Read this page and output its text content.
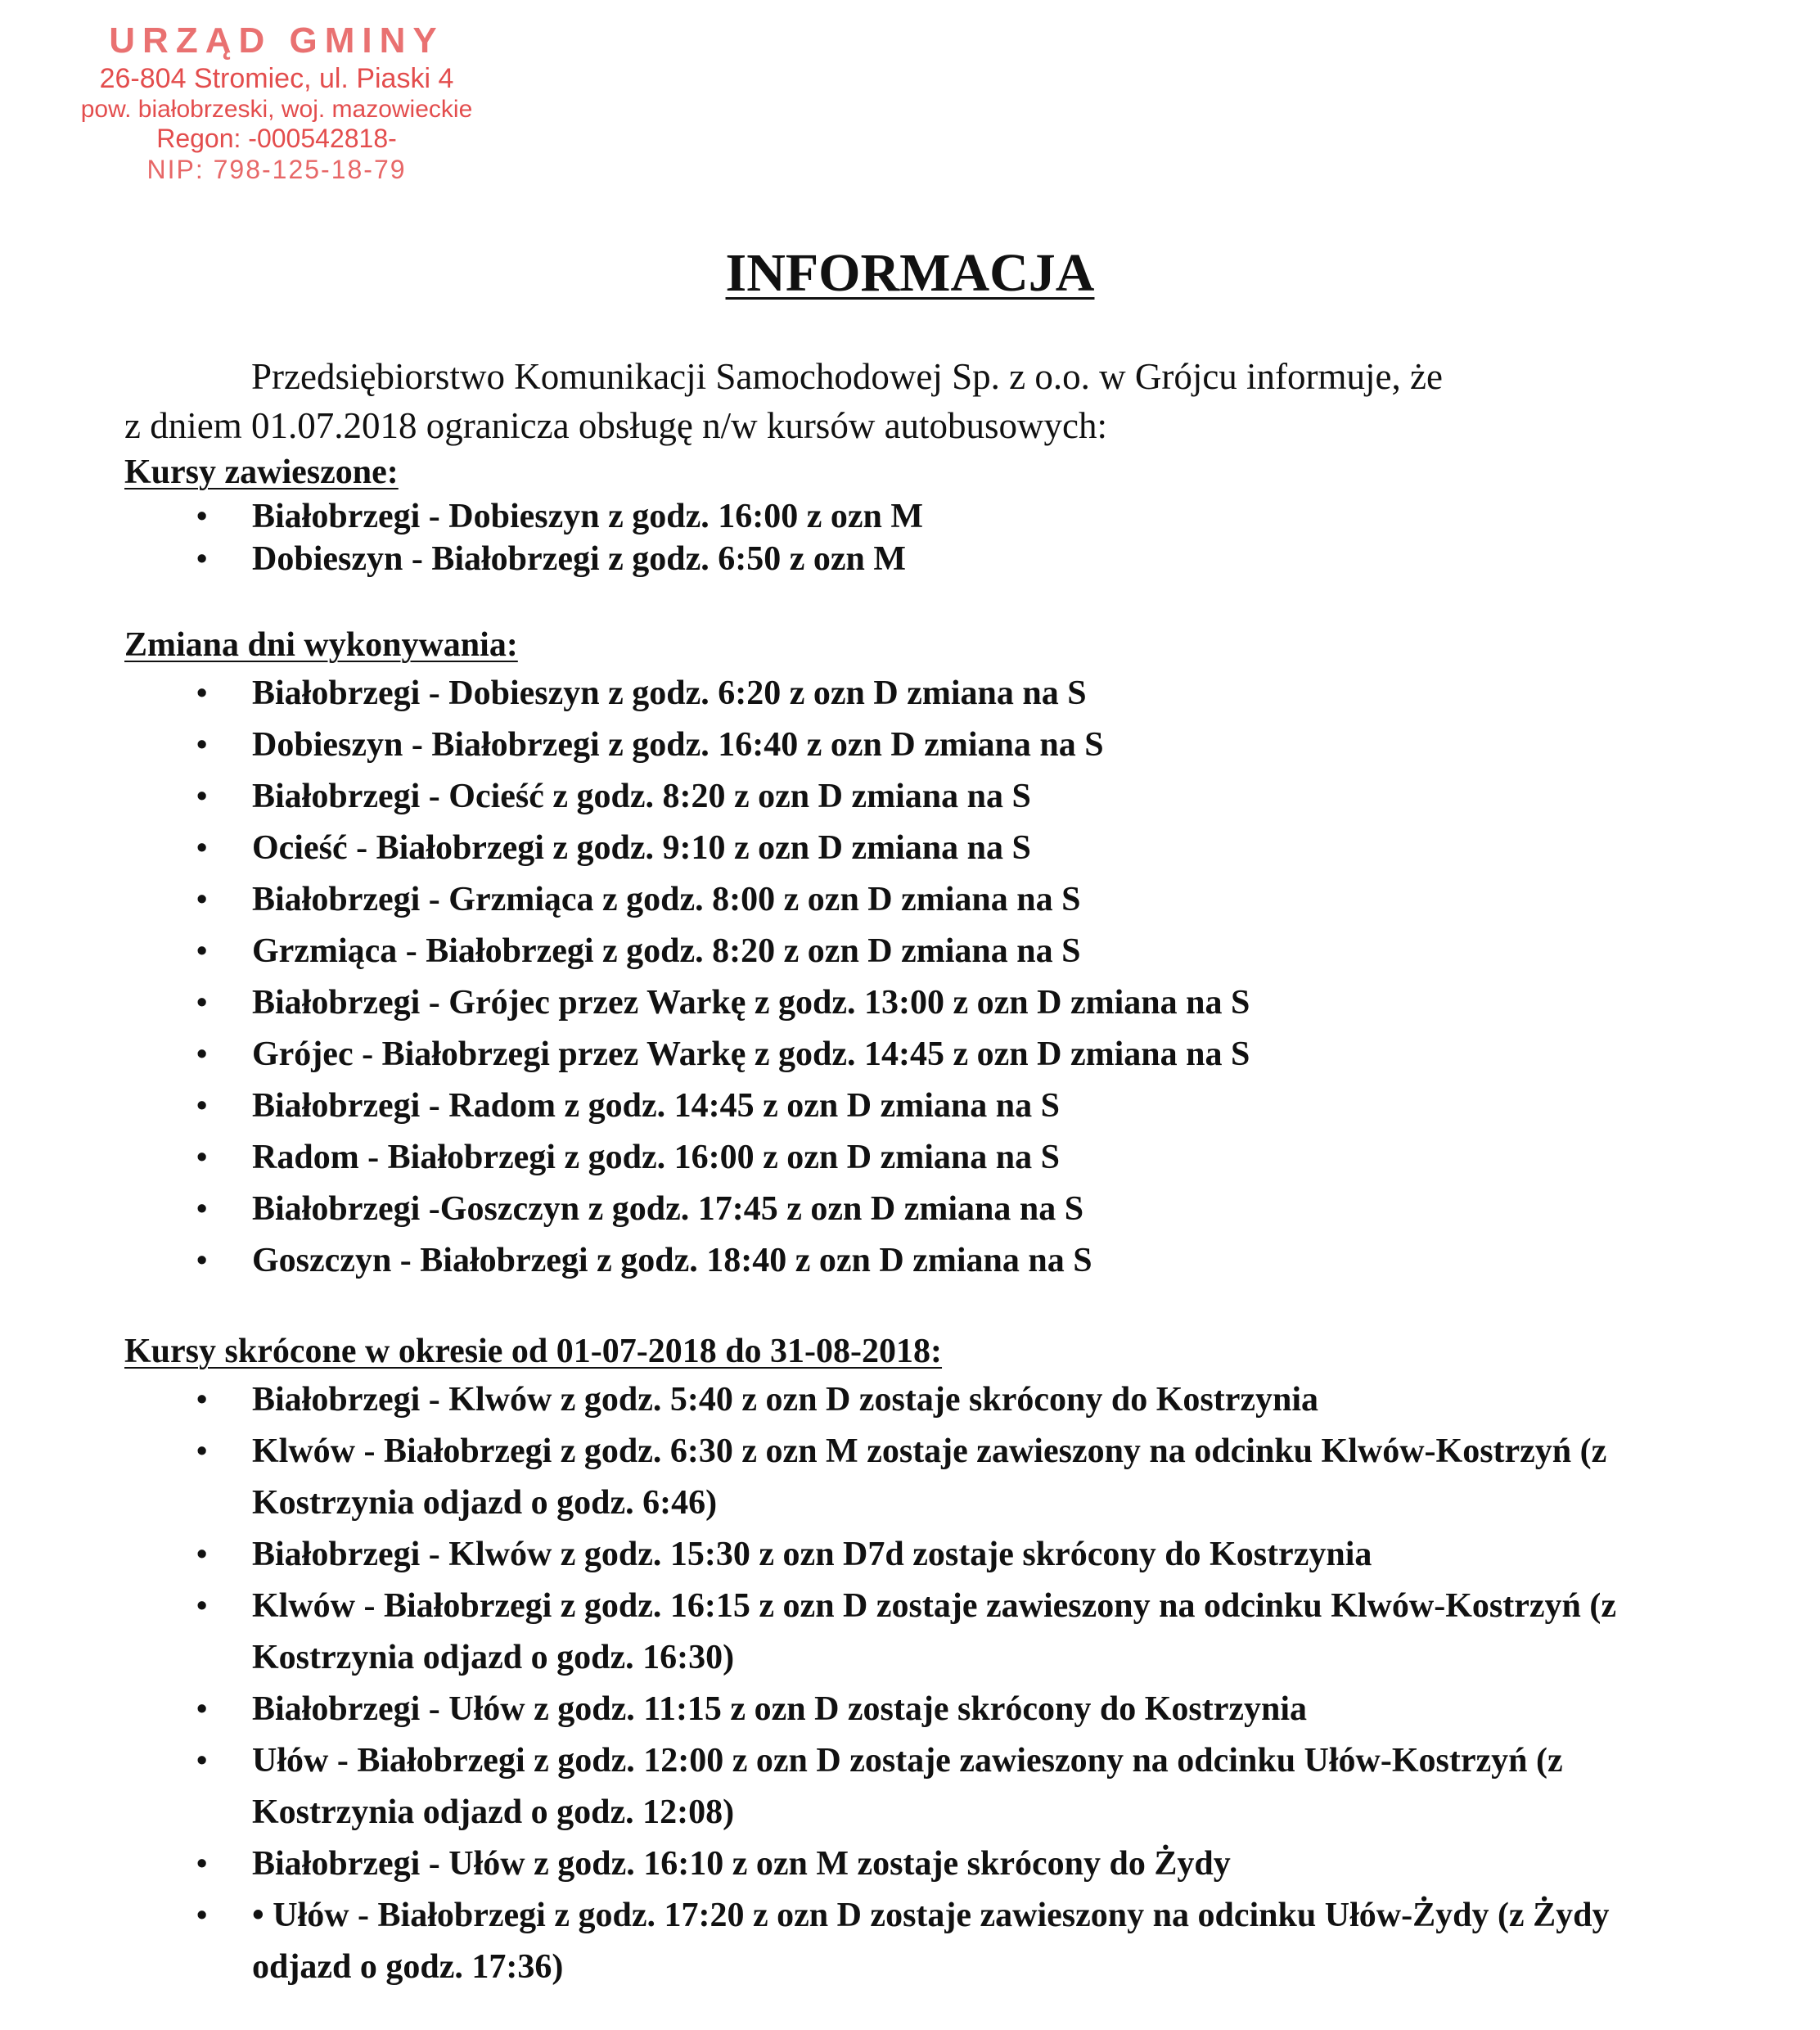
URZĄD GMINY
26-804 Stromiec, ul. Piaski 4
pow. białobrzeski, woj. mazowieckie
Regon: -000542818-
NIP: 798-125-18-79
INFORMACJA

Przedsiębiorstwo Komunikacji Samochodowej Sp. z o.o. w Grójcu informuje, że
z dniem 01.07.2018 ogranicza obsługę n/w kursów autobusowych:

Kursy zawieszone:

• Białobrzegi - Dobieszyn z godz. 16:00 z ozn M
• Dobieszyn - Białobrzegi z godz. 6:50 z ozn M

Zmiana dni wykonywania:

• Białobrzegi - Dobieszyn z godz. 6:20 z ozn D zmiana na S
• Dobieszyn - Białobrzegi z godz. 16:40 z ozn D zmiana na S
• Białobrzegi - Ocieść z godz. 8:20 z ozn D zmiana na S
• Ocieść - Białobrzegi z godz. 9:10 z ozn D zmiana na S
• Białobrzegi - Grzmiąca z godz. 8:00 z ozn D zmiana na S
• Grzmiąca - Białobrzegi z godz. 8:20 z ozn D zmiana na S
• Białobrzegi - Grójec przez Warkę z godz. 13:00 z ozn D zmiana na S
• Grójec - Białobrzegi przez Warkę z godz. 14:45 z ozn D zmiana na S
• Białobrzegi - Radom z godz. 14:45 z ozn D zmiana na S
• Radom - Białobrzegi z godz. 16:00 z ozn D zmiana na S
• Białobrzegi -Goszczyn z godz. 17:45 z ozn D zmiana na S
• Goszczyn - Białobrzegi z godz. 18:40 z ozn D zmiana na S

Kursy skrócone w okresie od 01-07-2018 do 31-08-2018:

• Białobrzegi - Klwów z godz. 5:40 z ozn D zostaje skrócony do Kostrzynia
• Klwów - Białobrzegi z godz. 6:30 z ozn M zostaje zawieszony na odcinku Klwów-Kostrzyń (z Kostrzynia odjazd o godz. 6:46)
• Białobrzegi - Klwów z godz. 15:30 z ozn D7d zostaje skrócony do Kostrzynia
• Klwów - Białobrzegi z godz. 16:15 z ozn D zostaje zawieszony na odcinku Klwów-Kostrzyń (z Kostrzynia odjazd o godz. 16:30)
• Białobrzegi - Ułów z godz. 11:15 z ozn D zostaje skrócony do Kostrzynia
• Ułów - Białobrzegi z godz. 12:00 z ozn D zostaje zawieszony na odcinku Ułów-Kostrzyń (z Kostrzynia odjazd o godz. 12:08)
• Białobrzegi - Ułów z godz. 16:10 z ozn M zostaje skrócony do Żydy
• • Ułów - Białobrzegi z godz. 17:20 z ozn D zostaje zawieszony na odcinku Ułów-Żydy (z Żydy odjazd o godz. 17:36)
